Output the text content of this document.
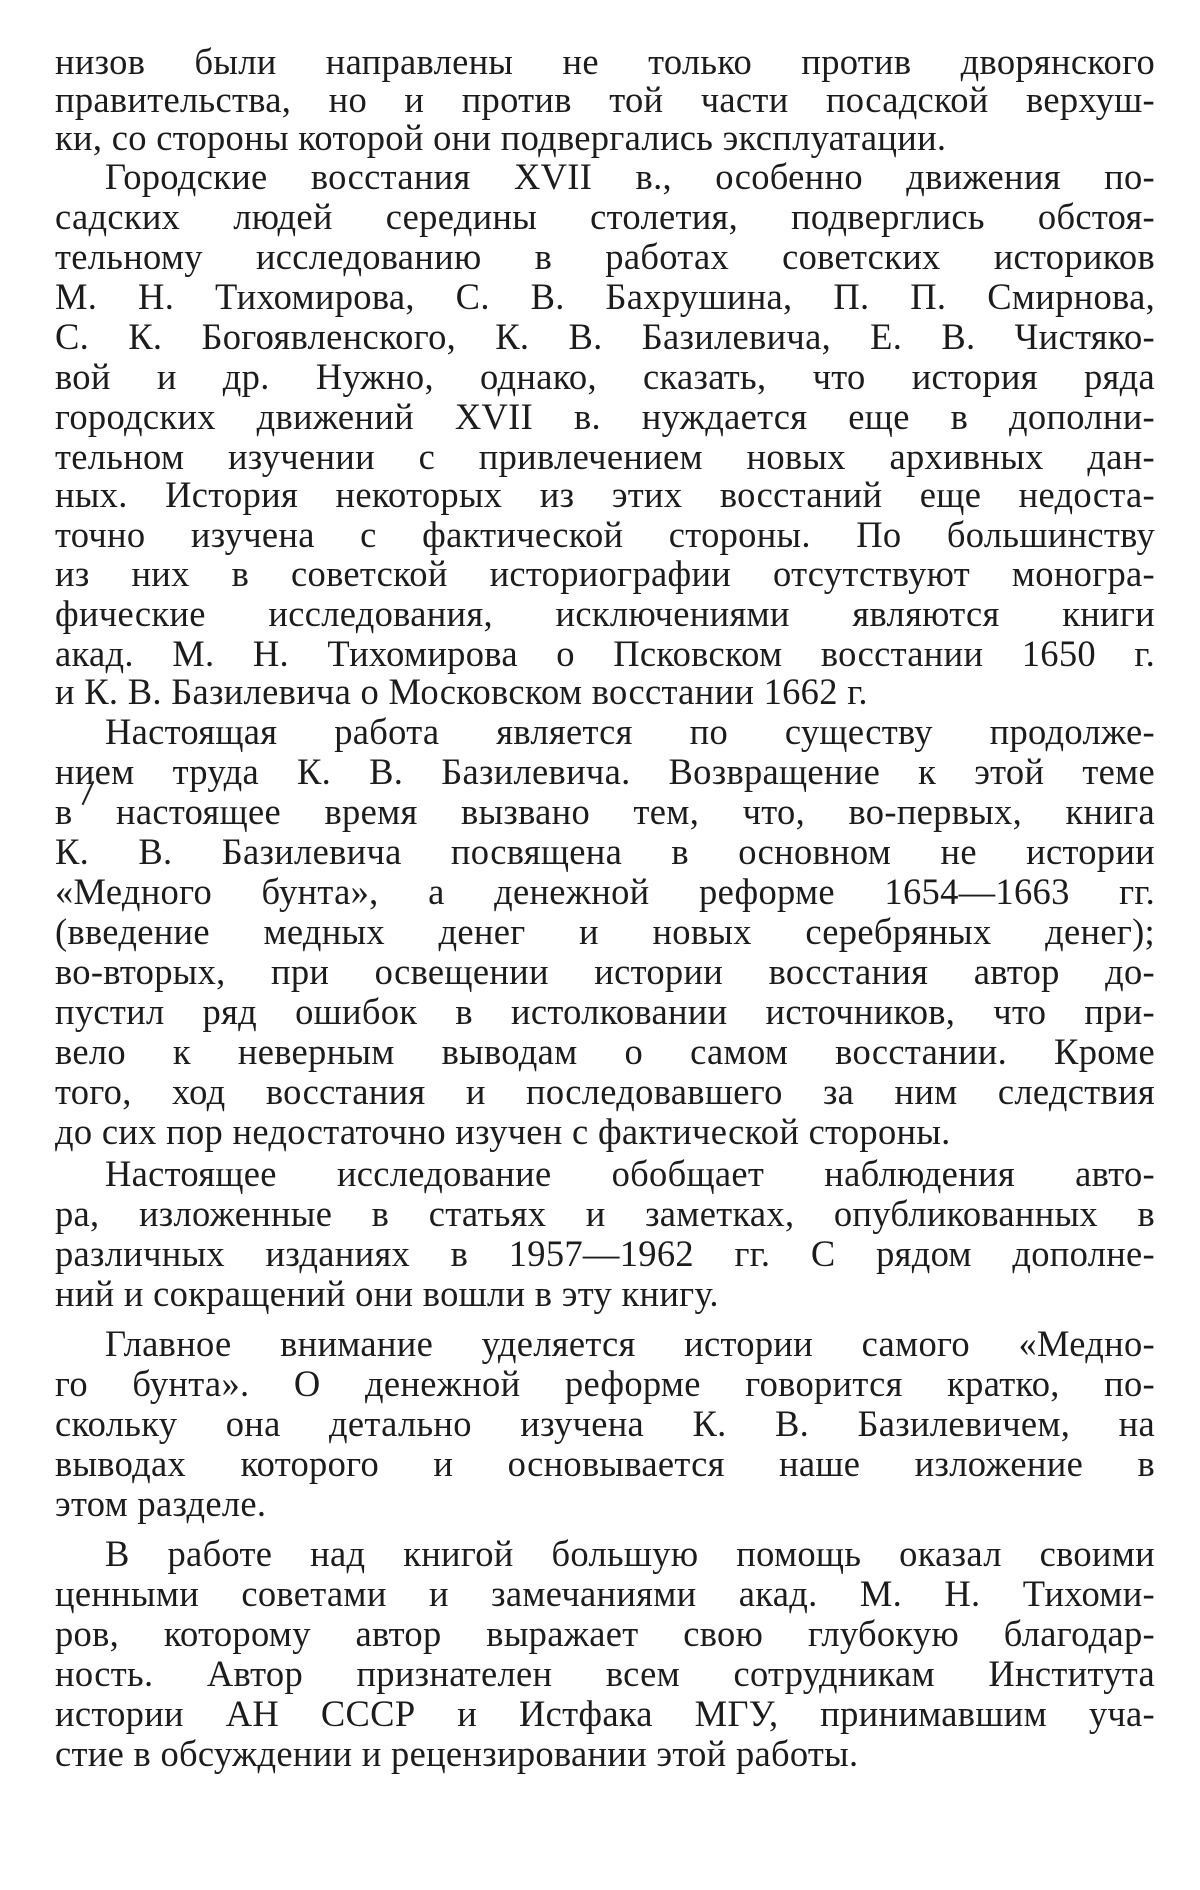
низов были направлены не только против дворянского
правительства, но и против той части посадской верхуш-
ки, со стороны которой они подвергались эксплуатации.
Городские восстания XVII в., особенно движения по-
садских людей середины столетия, подверглись обстоя-
тельному исследованию в работах советских историков
М. Н. Тихомирова, С. В. Бахрушина, П. П. Смирнова,
С. К. Богоявленского, К. В. Базилевича, Е. В. Чистяко-
вой и др. Нужно, однако, сказать, что история ряда
городских движений XVII в. нуждается еще в дополни-
тельном изучении с привлечением новых архивных дан-
ных. История некоторых из этих восстаний еще недоста-
точно изучена с фактической стороны. По большинству
из них в советской историографии отсутствуют моногра-
фические исследования, исключениями являются книги
акад. М. Н. Тихомирова о Псковском восстании 1650 г.
и К. В. Базилевича о Московском восстании 1662 г.
Настоящая работа является по существу продолже-
нием труда К. В. Базилевича. Возвращение к этой теме
в настоящее время вызвано тем, что, во-первых, книга
К. В. Базилевича посвящена в основном не истории
«Медного бунта», а денежной реформе 1654—1663 гг.
(введение медных денег и новых серебряных денег);
во-вторых, при освещении истории восстания автор до-
пустил ряд ошибок в истолковании источников, что при-
вело к неверным выводам о самом восстании. Кроме
того, ход восстания и последовавшего за ним следствия
до сих пор недостаточно изучен с фактической стороны.
Настоящее исследование обобщает наблюдения авто-
ра, изложенные в статьях и заметках, опубликованных в
различных изданиях в 1957—1962 гг. С рядом дополне-
ний и сокращений они вошли в эту книгу.
Главное внимание уделяется истории самого «Медно-
го бунта». О денежной реформе говорится кратко, по-
скольку она детально изучена К. В. Базилевичем, на
выводах которого и основывается наше изложение в
этом разделе.
В работе над книгой большую помощь оказал своими
ценными советами и замечаниями акад. М. Н. Тихоми-
ров, которому автор выражает свою глубокую благодар-
ность. Автор признателен всем сотрудникам Института
истории АН СССР и Истфака МГУ, принимавшим уча-
стие в обсуждении и рецензировании этой работы.
